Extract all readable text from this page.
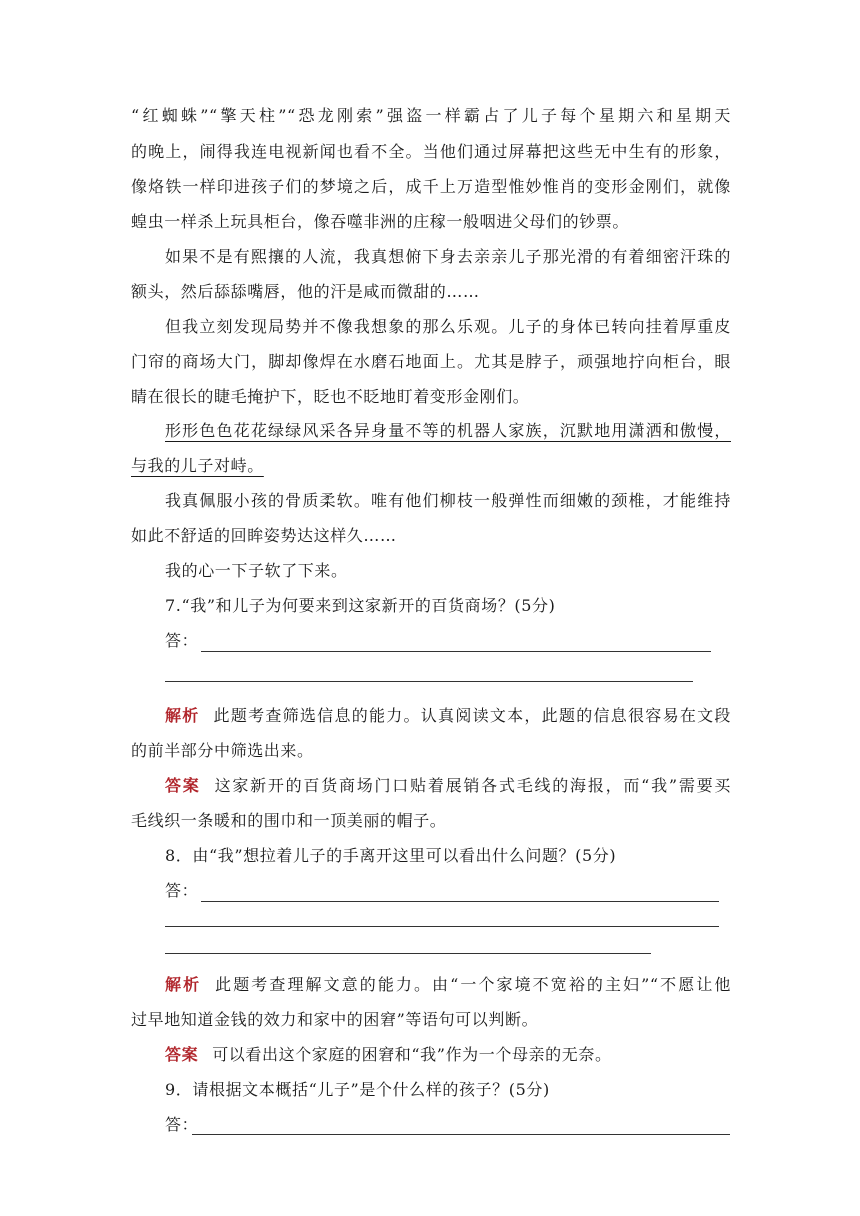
“红蜘蛛”“擎天柱”“恐龙刚索”强盗一样霸占了儿子每个星期六和星期天
的晚上，闹得我连电视新闻也看不全。当他们通过屏幕把这些无中生有的形象，
像烙铁一样印进孩子们的梦境之后，成千上万造型惟妙惟肖的变形金刚们，就像
蝗虫一样杀上玩具柜台，像吞噬非洲的庄稼一般咽进父母们的钞票。
如果不是有熙攘的人流，我真想俯下身去亲亲儿子那光滑的有着细密汗珠的
额头，然后舔舔嘴唇，他的汗是咸而微甜的……
但我立刻发现局势并不像我想象的那么乐观。儿子的身体已转向挂着厚重皮
门帘的商场大门，脚却像焊在水磨石地面上。尤其是脖子，顽强地拧向柜台，眼
睛在很长的睫毛掩护下，眨也不眨地盯着变形金刚们。
形形色色花花绿绿风采各异身量不等的机器人家族，沉默地用潇洒和傲慢，
与我的儿子对峙。
我真佩服小孩的骨质柔软。唯有他们柳枝一般弹性而细嫩的颈椎，才能维持
如此不舒适的回眸姿势达这样久……
我的心一下子软了下来。
7.“我”和儿子为何要来到这家新开的百货商场？(5分)
答：
解析 此题考查筛选信息的能力。认真阅读文本，此题的信息很容易在文段
的前半部分中筛选出来。
答案 这家新开的百货商场门口贴着展销各式毛线的海报，而“我”需要买
毛线织一条暖和的围巾和一顶美丽的帽子。
8．由“我”想拉着儿子的手离开这里可以看出什么问题？(5分)
答：
解析 此题考查理解文意的能力。由“一个家境不宽裕的主妇”“不愿让他
过早地知道金钱的效力和家中的困窘”等语句可以判断。
答案 可以看出这个家庭的困窘和“我”作为一个母亲的无奈。
9．请根据文本概括“儿子”是个什么样的孩子？(5分)
答：
